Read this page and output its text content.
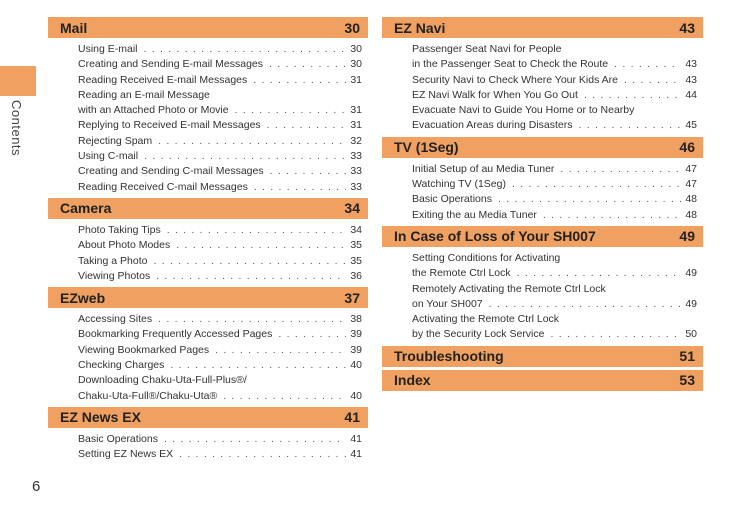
Contents
Mail	30
Using E-mail . . .	30
Creating and Sending E-mail Messages . . .	30
Reading Received E-mail Messages . . .	31
Reading an E-mail Message
with an Attached Photo or Movie . . .	31
Replying to Received E-mail Messages . . .	31
Rejecting Spam . . .	32
Using C-mail . . .	33
Creating and Sending C-mail Messages . . .	33
Reading Received C-mail Messages . . .	33
Camera	34
Photo Taking Tips . . .	34
About Photo Modes . . .	35
Taking a Photo . . .	35
Viewing Photos . . .	36
EZweb	37
Accessing Sites . . .	38
Bookmarking Frequently Accessed Pages . . .	39
Viewing Bookmarked Pages . . .	39
Checking Charges . . .	40
Downloading Chaku-Uta-Full-Plus®/
Chaku-Uta-Full®/Chaku-Uta® . . .	40
EZ News EX	41
Basic Operations . . .	41
Setting EZ News EX . . .	41
EZ Navi	43
Passenger Seat Navi for People
in the Passenger Seat to Check the Route . . .	43
Security Navi to Check Where Your Kids Are . . .	43
EZ Navi Walk for When You Go Out . . .	44
Evacuate Navi to Guide You Home or to Nearby
Evacuation Areas during Disasters . . .	45
TV (1Seg)	46
Initial Setup of au Media Tuner . . .	47
Watching TV (1Seg) . . .	47
Basic Operations . . .	48
Exiting the au Media Tuner . . .	48
In Case of Loss of Your SH007	49
Setting Conditions for Activating
the Remote Ctrl Lock . . .	49
Remotely Activating the Remote Ctrl Lock
on Your SH007 . . .	49
Activating the Remote Ctrl Lock
by the Security Lock Service . . .	50
Troubleshooting	51
Index	53
6
